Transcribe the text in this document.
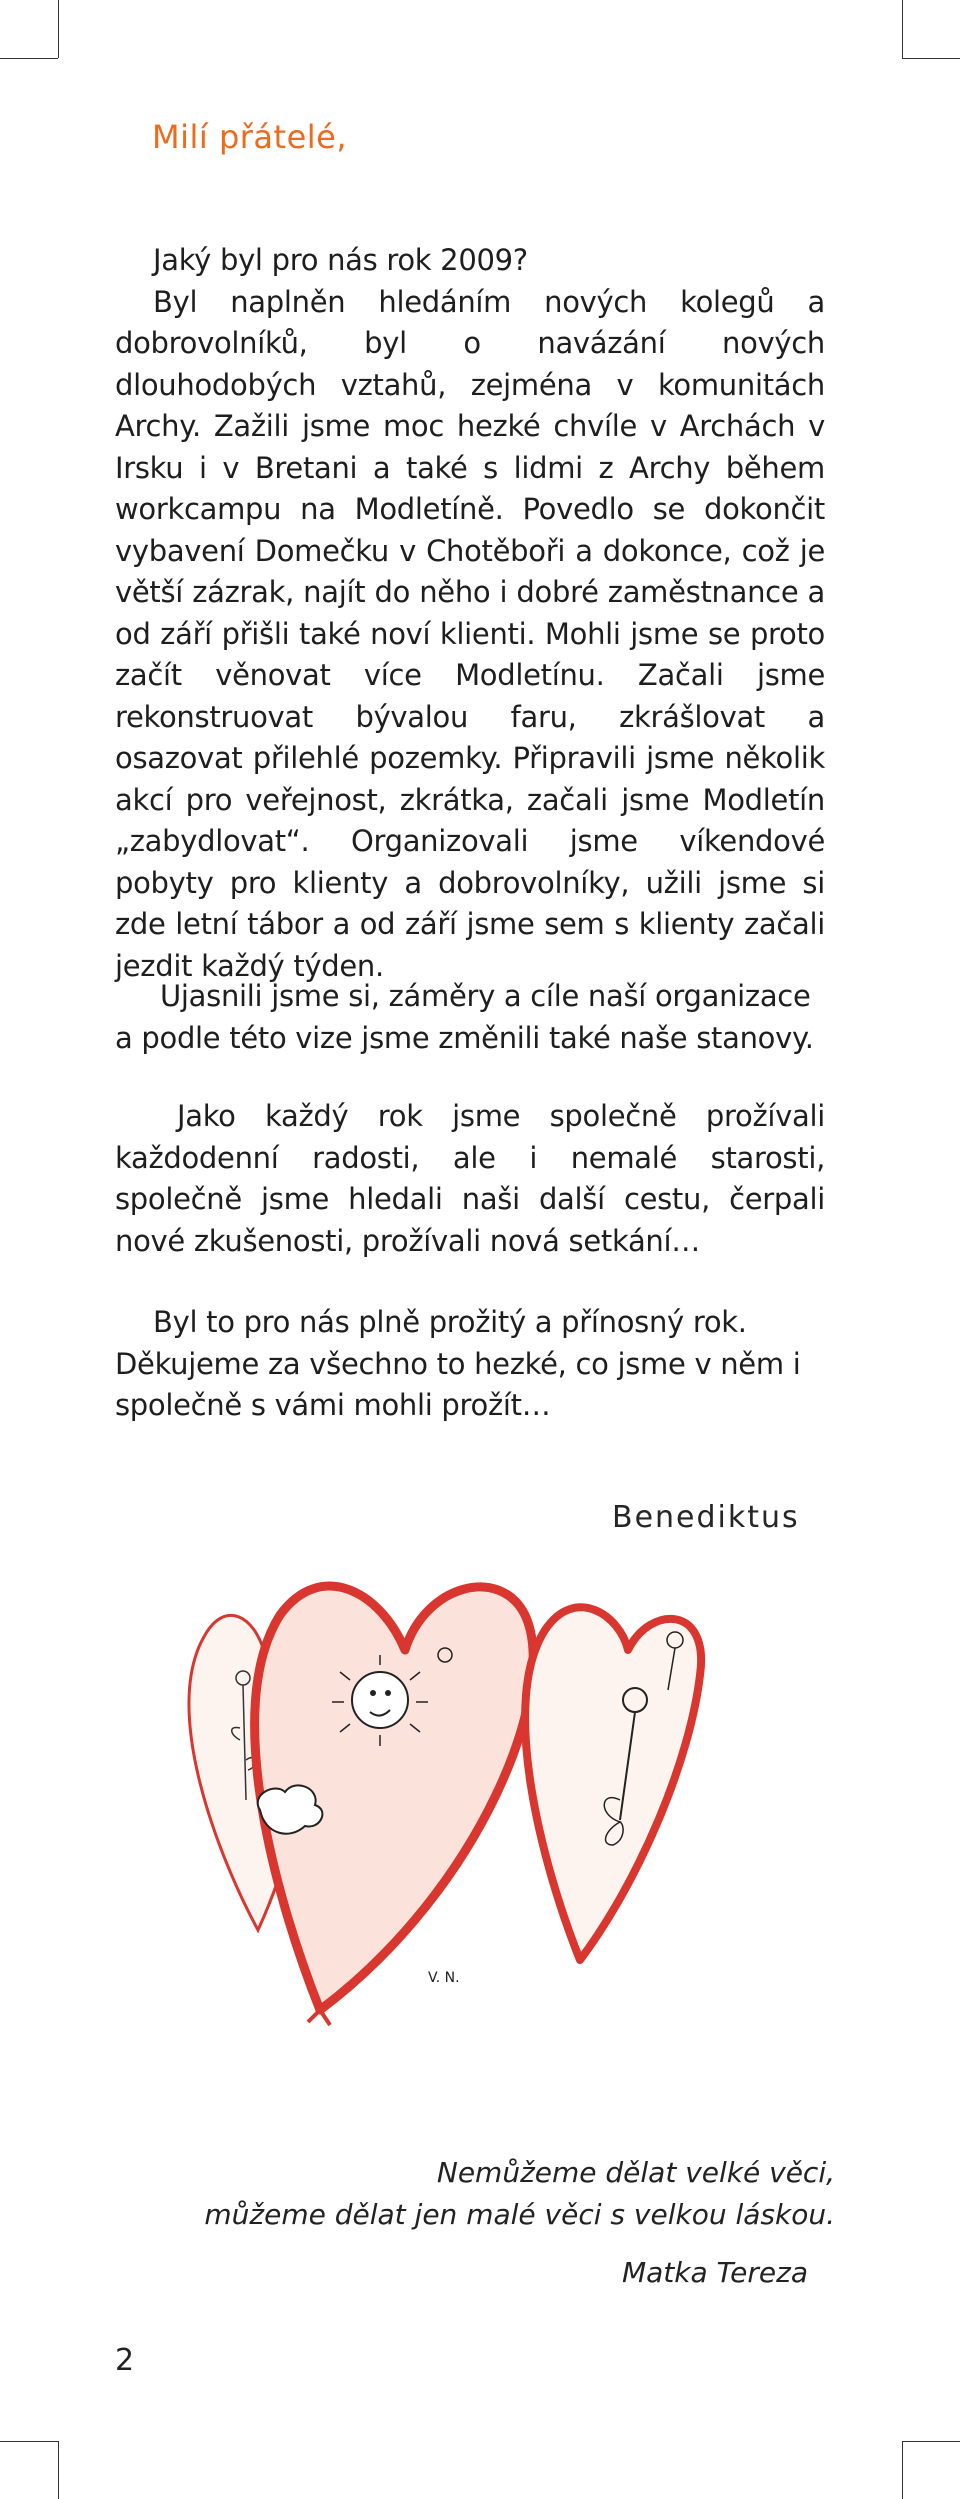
Milí přátelé,

Jaký byl pro nás rok 2009?

Byl naplněn hledáním nových kolegů a dobrovolníků, byl o navázání nových dlouhodobých vztahů, zejména v komunitách Archy. Zažili jsme moc hezké chvíle v Archách v Irsku i v Bretani a také s lidmi z Archy během workcampu na Modletíně. Povedlo se dokončit vybavení Domečku v Chotěboři a dokonce, což je větší zázrak, najít do něho i dobré zaměstnance a od září přišli také noví klienti. Mohli jsme se proto začít věnovat více Modletínu. Začali jsme rekonstruovat bývalou faru, zkrášlovat a osazovat přilehlé pozemky. Připravili jsme několik akcí pro veřejnost, zkrátka, začali jsme Modletín „zabydlovat“. Organizovali jsme víkendové pobyty pro klienty a dobrovolníky, užili jsme si zde letní tábor a od září jsme sem s klienty začali jezdit každý týden.

Ujasnili jsme si, záměry a cíle naší organizace a podle této vize jsme změnili také naše stanovy.

Jako každý rok jsme společně prožívali každodenní radosti, ale i nemalé starosti, společně jsme hledali naši další cestu, čerpali nové zkušenosti, prožívali nová setkání…

Byl to pro nás plně prožitý a přínosný rok. Děkujeme za všechno to hezké, co jsme v něm i společně s vámi mohli prožít…

Benediktus
V. N.
Nemůžeme dělat velké věci,
můžeme dělat jen malé věci s velkou láskou.
Matka Tereza
2
